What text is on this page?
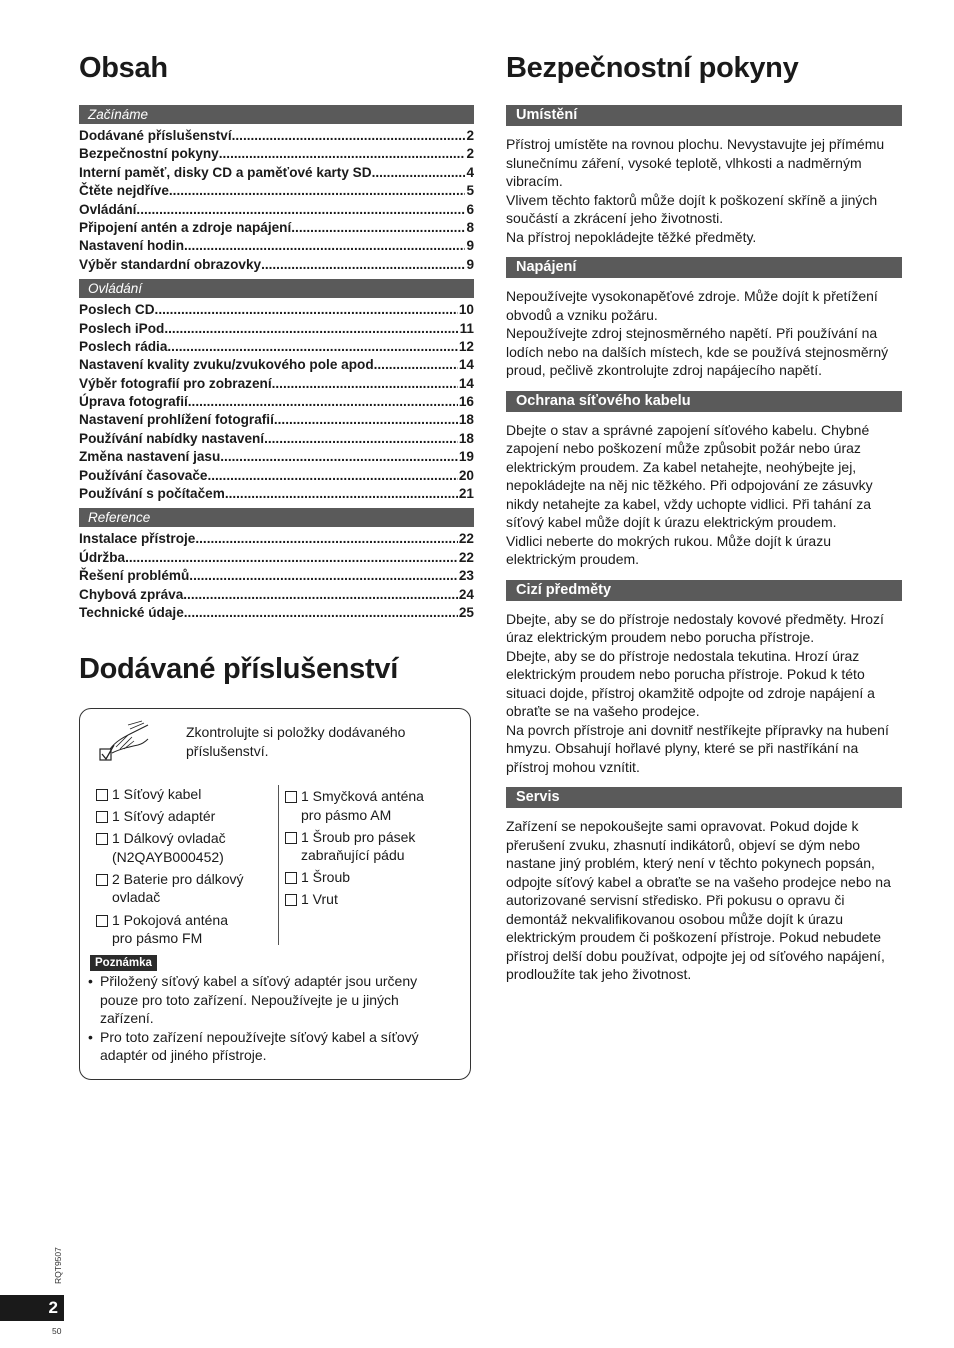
Obsah
Začínáme
Dodávané příslušenství .....	2
Bezpečnostní pokyny .....	2
Interní paměť, disky CD a paměťové karty SD .....	4
Čtěte nejdříve .....	5
Ovládání .....	6
Připojení antén a zdroje napájení .....	8
Nastavení hodin .....	9
Výběr standardní obrazovky .....	9
Ovládání
Poslech CD .....	10
Poslech iPod .....	11
Poslech rádia .....	12
Nastavení kvality zvuku/zvukového pole apod. .....	14
Výběr fotografií pro zobrazení .....	14
Úprava fotografií .....	16
Nastavení prohlížení fotografií .....	18
Používání nabídky nastavení .....	18
Změna nastavení jasu .....	19
Používání časovače .....	20
Používání s počítačem .....	21
Reference
Instalace přístroje .....	22
Údržba .....	22
Řešení problémů .....	23
Chybová zpráva .....	24
Technické údaje .....	25
Dodávané příslušenství
Zkontrolujte si položky dodávaného příslušenství.
1 Síťový kabel
1 Síťový adaptér
1 Dálkový ovladač
(N2QAYB000452)
2 Baterie pro dálkový
ovladač
1 Pokojová anténa
pro pásmo FM
1 Smyčková anténa
pro pásmo AM
1 Šroub pro pásek
zabraňující pádu
1 Šroub
1 Vrut
Poznámka
• Přiložený síťový kabel a síťový adaptér jsou určeny pouze pro toto zařízení. Nepoužívejte je u jiných zařízení.
• Pro toto zařízení nepoužívejte síťový kabel a síťový adaptér od jiného přístroje.
Bezpečnostní pokyny
Umístění

Přístroj umístěte na rovnou plochu. Nevystavujte jej přímému slunečnímu záření, vysoké teplotě, vlhkosti a nadměrným vibracím.

Vlivem těchto faktorů může dojít k poškození skříně a jiných součástí a zkrácení jeho životnosti.

Na přístroj nepokládejte těžké předměty.

Napájení

Nepoužívejte vysokonapěťové zdroje. Může dojít k přetížení obvodů a vzniku požáru.

Nepoužívejte zdroj stejnosměrného napětí. Při používání na lodích nebo na dalších místech, kde se používá stejnosměrný proud, pečlivě zkontrolujte zdroj napájecího napětí.

Ochrana síťového kabelu

Dbejte o stav a správné zapojení síťového kabelu. Chybné zapojení nebo poškození může způsobit požár nebo úraz elektrickým proudem. Za kabel netahejte, neohýbejte jej, nepokládejte na něj nic těžkého. Při odpojování ze zásuvky nikdy netahejte za kabel, vždy uchopte vidlici. Při tahání za síťový kabel může dojít k úrazu elektrickým proudem.

Vidlici neberte do mokrých rukou. Může dojít k úrazu elektrickým proudem.

Cizí předměty

Dbejte, aby se do přístroje nedostaly kovové předměty. Hrozí úraz elektrickým proudem nebo porucha přístroje.

Dbejte, aby se do přístroje nedostala tekutina. Hrozí úraz elektrickým proudem nebo porucha přístroje. Pokud k této situaci dojde, přístroj okamžitě odpojte od zdroje napájení a obraťte se na vašeho prodejce.

Na povrch přístroje ani dovnitř nestříkejte přípravky na hubení hmyzu. Obsahují hořlavé plyny, které se při nastříkání na přístroj mohou vznítit.

Servis

Zařízení se nepokoušejte sami opravovat. Pokud dojde k přerušení zvuku, zhasnutí indikátorů, objeví se dým nebo nastane jiný problém, který není v těchto pokynech popsán, odpojte síťový kabel a obraťte se na vašeho prodejce nebo na autorizované servisní středisko. Při pokusu o opravu či demontáž nekvalifikovanou osobou může dojít k úrazu elektrickým proudem či poškození přístroje. Pokud nebudete přístroj delší dobu používat, odpojte jej od síťového napájení, prodloužíte tak jeho životnost.

RQT9507
2
50
